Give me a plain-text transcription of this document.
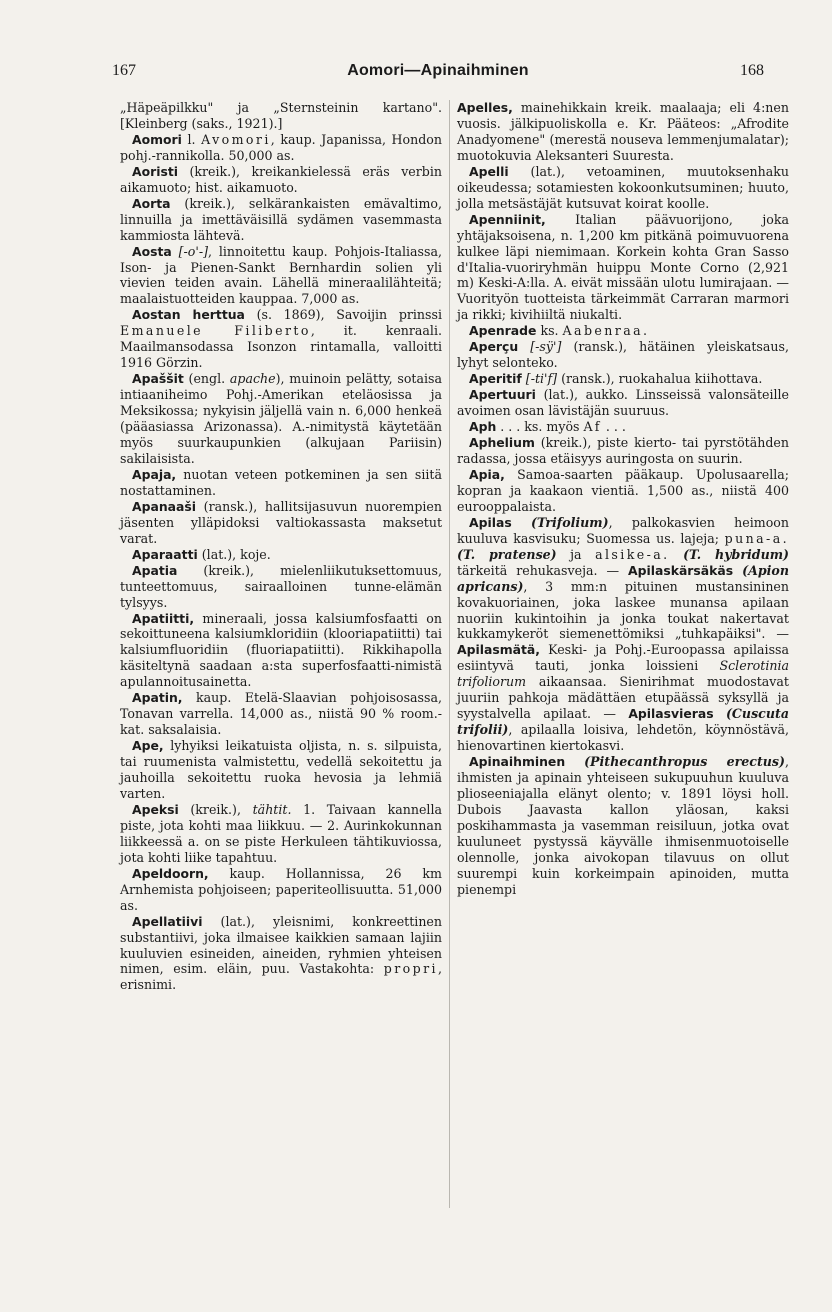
167	Aomori—Apinaihminen	168

„Häpeäpilkku" ja „Sternsteinin kartano". [Kleinberg (saks., 1921).]

Aomori l. Avomori, kaup. Japanissa, Hondon pohj.-rannikolla. 50,000 as.

Aoristi (kreik.), kreikankielessä eräs verbin aikamuoto; hist. aikamuoto.

Aorta (kreik.), selkärankaisten emävaltimo, linnuilla ja imettäväisillä sydämen vasemmasta kammiosta lähtevä.

Aosta [-o'-], linnoitettu kaup. Pohjois-Italiassa, Ison- ja Pienen-Sankt Bernhardin solien yli vievien teiden avain. Lähellä mineraalilähteitä; maalaistuotteiden kauppaa. 7,000 as.

Aostan herttua (s. 1869), Savoijin prinssi Emanuele Filiberto, it. kenraali. Maailmansodassa Isonzon rintamalla, valloitti 1916 Görzin.

Apaššit (engl. apache), muinoin pelätty, sotaisa intiaaniheimo Pohj.-Amerikan eteläosissa ja Meksikossa; nykyisin jäljellä vain n. 6,000 henkeä (pääasiassa Arizonassa). A.-nimitystä käytetään myös suurkaupunkien (alkujaan Pariisin) sakilaisista.

Apaja, nuotan veteen potkeminen ja sen siitä nostattaminen.

Apanaaši (ransk.), hallitsijasuvun nuorempien jäsenten ylläpidoksi valtiokassasta maksetut varat.

Aparaatti (lat.), koje.

Apatia (kreik.), mielenliikutuksettomuus, tunteettomuus, sairaalloinen tunne-elämän tylsyys.

Apatiitti, mineraali, jossa kalsiumfosfaatti on sekoittuneena kalsiumkloridiin (klooriapatiitti) tai kalsiumfluoridiin (fluoriapatiitti). Rikkihapolla käsiteltynä saadaan a:sta superfosfaatti-nimistä apulannoitusainetta.

Apatin, kaup. Etelä-Slaavian pohjoisosassa, Tonavan varrella. 14,000 as., niistä 90 % room.-kat. saksalaisia.

Ape, lyhyiksi leikatuista oljista, n. s. silpuista, tai ruumenista valmistettu, vedellä sekoitettu ja jauhoilla sekoitettu ruoka hevosia ja lehmiä varten.

Apeksi (kreik.), tähtit. 1. Taivaan kannella piste, jota kohti maa liikkuu. — 2. Aurinkokunnan liikkeessä a. on se piste Herkuleen tähtikuviossa, jota kohti liike tapahtuu.

Apeldoorn, kaup. Hollannissa, 26 km Arnhemista pohjoiseen; paperiteollisuutta. 51,000 as.

Apellatiivi (lat.), yleisnimi, konkreettinen substantiivi, joka ilmaisee kaikkien samaan lajiin kuuluvien esineiden, aineiden, ryhmien yhteisen nimen, esim. eläin, puu. Vastakohta: propri, erisnimi.

Apelles, mainehikkain kreik. maalaaja; eli 4:nen vuosis. jälkipuoliskolla e. Kr. Pääteos: „Afrodite Anadyomene" (merestä nouseva lemmenjumalatar); muotokuvia Aleksanteri Suuresta.

Apelli (lat.), vetoaminen, muutoksenhaku oikeudessa; sotamiesten kokoonkutsuminen; huuto, jolla metsästäjät kutsuvat koirat koolle.

Apenniinit, Italian päävuorijono, joka yhtäjaksoisena, n. 1,200 km pitkänä poimuvuorena kulkee läpi niemimaan. Korkein kohta Gran Sasso d'Italia-vuoriryhmän huippu Monte Corno (2,921 m) Keski-A:lla. A. eivät missään ulotu lumirajaan. — Vuorityön tuotteista tärkeimmät Carraran marmori ja rikki; kivihiiltä niukalti.

Apenrade ks. Aabenraa.

Aperçu [-sÿ'] (ransk.), hätäinen yleiskatsaus, lyhyt selonteko.

Aperitif [-ti'f] (ransk.), ruokahalua kiihottava.

Apertuuri (lat.), aukko. Linsseissä valonsäteille avoimen osan lävistäjän suuruus.

Aph . . . ks. myös Af . . .

Aphelium (kreik.), piste kierto- tai pyrstötähden radassa, jossa etäisyys auringosta on suurin.

Apia, Samoa-saarten pääkaup. Upolusaarella; kopran ja kaakaon vientiä. 1,500 as., niistä 400 eurooppalaista.

Apilas (Trifolium), palkokasvien heimoon kuuluva kasvisuku; Suomessa us. lajeja; puna-a. (T. pratense) ja alsike-a. (T. hybridum) tärkeitä rehukasveja. — Apilaskärsäkäs (Apion apricans), 3 mm:n pituinen mustansininen kovakuoriainen, joka laskee munansa apilaan nuoriin kukintoihin ja jonka toukat nakertavat kukkamykeröt siemenettömiksi „tuhkapäiksi". — Apilasmätä, Keski- ja Pohj.-Euroopassa apilaissa esiintyvä tauti, jonka loissieni Sclerotinia trifoliorum aikaansaa. Sienirihmat muodostavat juuriin pahkoja mädättäen etupäässä syksyllä ja syystalvella apilaat. — Apilasvieras (Cuscuta trifolii), apilaalla loisiva, lehdetön, köynnöstävä, hienovartinen kiertokasvi.

Apinaihminen (Pithecanthropus erectus), ihmisten ja apinain yhteiseen sukupuuhun kuuluva plioseeniajalla elänyt olento; v. 1891 löysi holl. Dubois Jaavasta kallon yläosan, kaksi poskihammasta ja vasemman reisiluun, jotka ovat kuuluneet pystyssä käyvälle ihmisenmuotoiselle olennolle, jonka aivokopan tilavuus on ollut suurempi kuin korkeimpain apinoiden, mutta pienempi
